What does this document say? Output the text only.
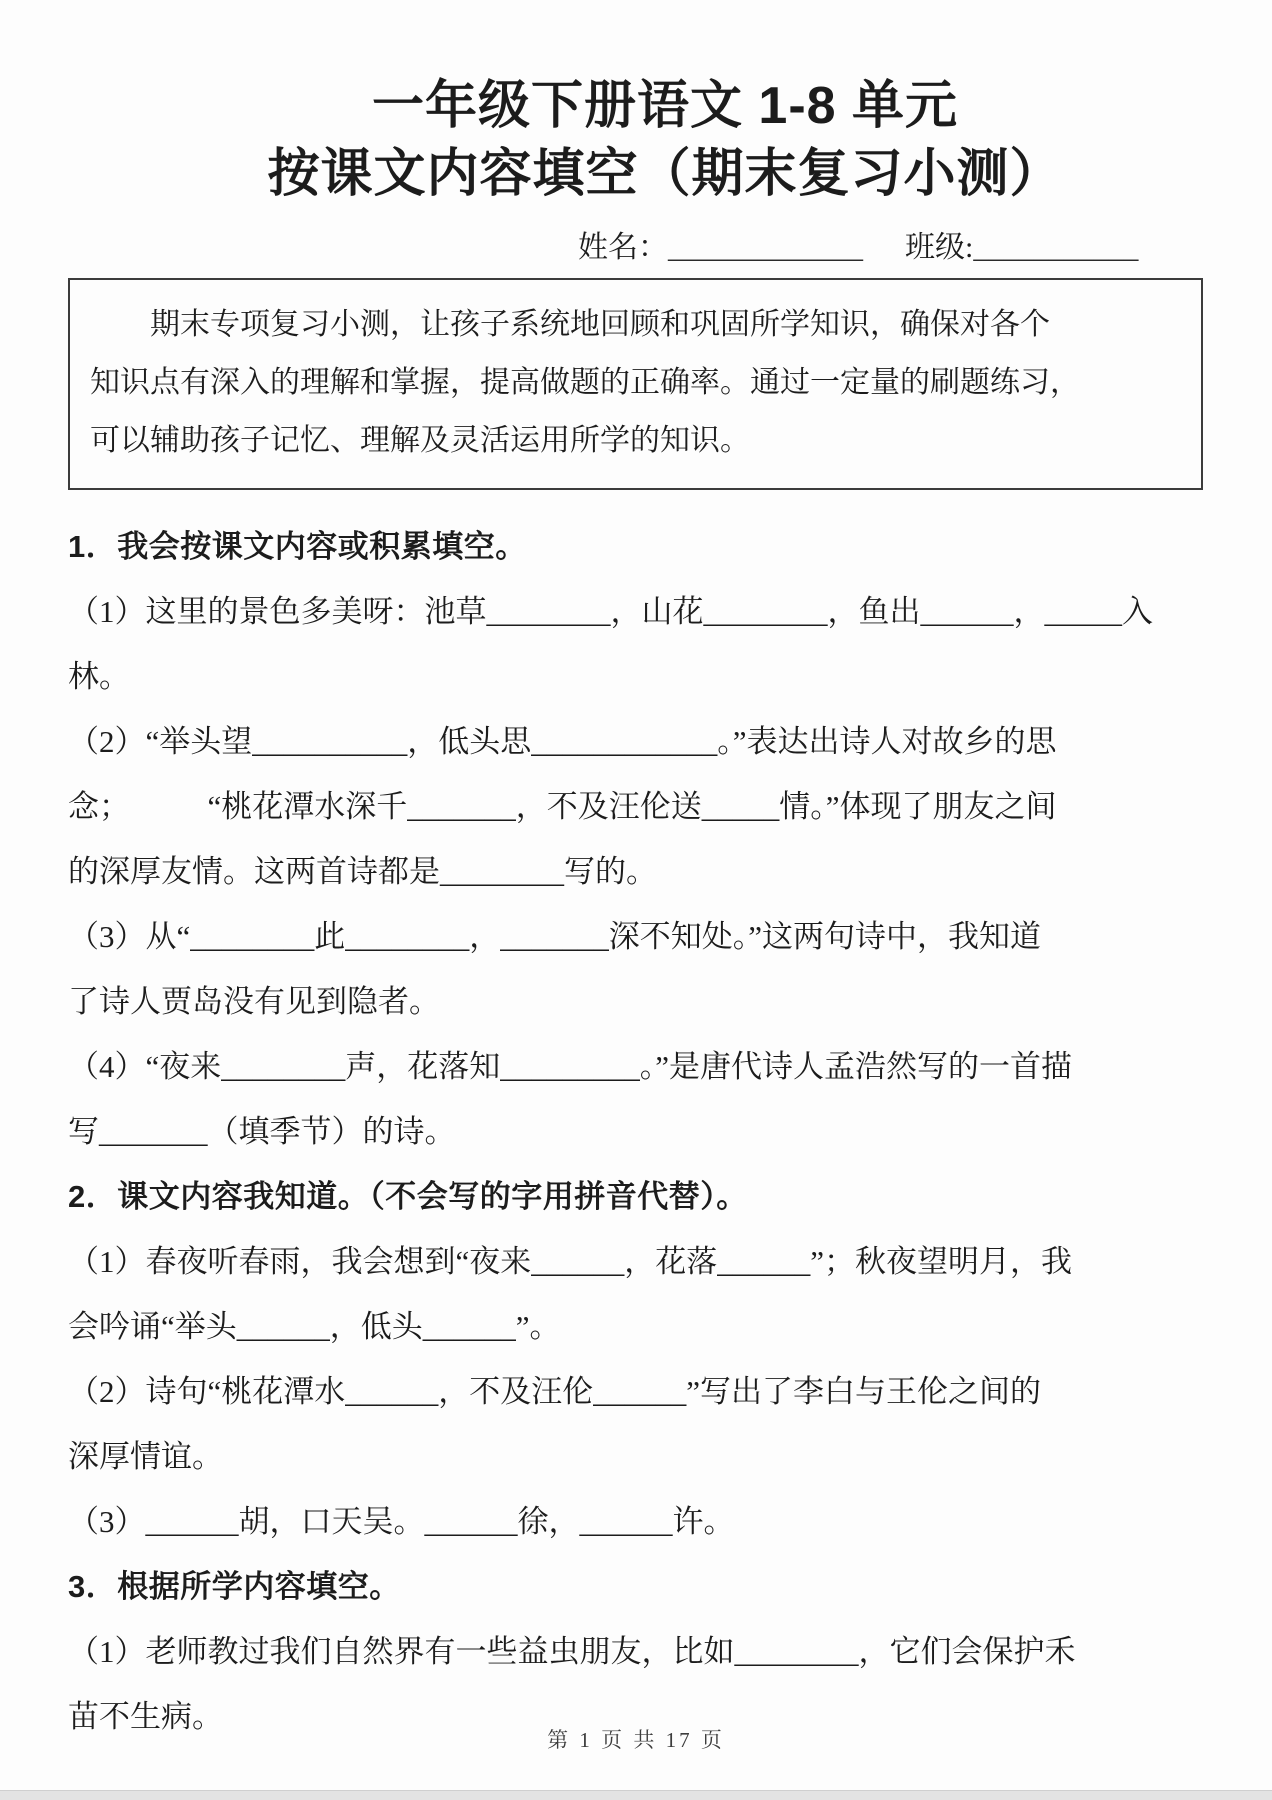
一年级下册语文 1-8 单元
按课文内容填空（期末复习小测）
姓名：_____________ 班级:___________
　　期末专项复习小测，让孩子系统地回顾和巩固所学知识，确保对各个
知识点有深入的理解和掌握，提高做题的正确率。通过一定量的刷题练习，
可以辅助孩子记忆、理解及灵活运用所学的知识。
1．我会按课文内容或积累填空。
（1）这里的景色多美呀：池草________，山花________，鱼出______，_____入
林。
（2）“举头望__________，低头思____________。”表达出诗人对故乡的思
念；　　　“桃花潭水深千_______，不及汪伦送_____情。”体现了朋友之间
的深厚友情。这两首诗都是________写的。
（3）从“________此________，_______深不知处。”这两句诗中，我知道
了诗人贾岛没有见到隐者。
（4）“夜来________声，花落知_________。”是唐代诗人孟浩然写的一首描
写_______（填季节）的诗。
2．课文内容我知道。（不会写的字用拼音代替）。
（1）春夜听春雨，我会想到“夜来______，花落______”；秋夜望明月，我
会吟诵“举头______，低头______”。
（2）诗句“桃花潭水______，不及汪伦______”写出了李白与王伦之间的
深厚情谊。
（3）______胡，口天吴。______徐，______许。
3．根据所学内容填空。
（1）老师教过我们自然界有一些益虫朋友，比如________，它们会保护禾
苗不生病。
第 1 页 共 17 页
